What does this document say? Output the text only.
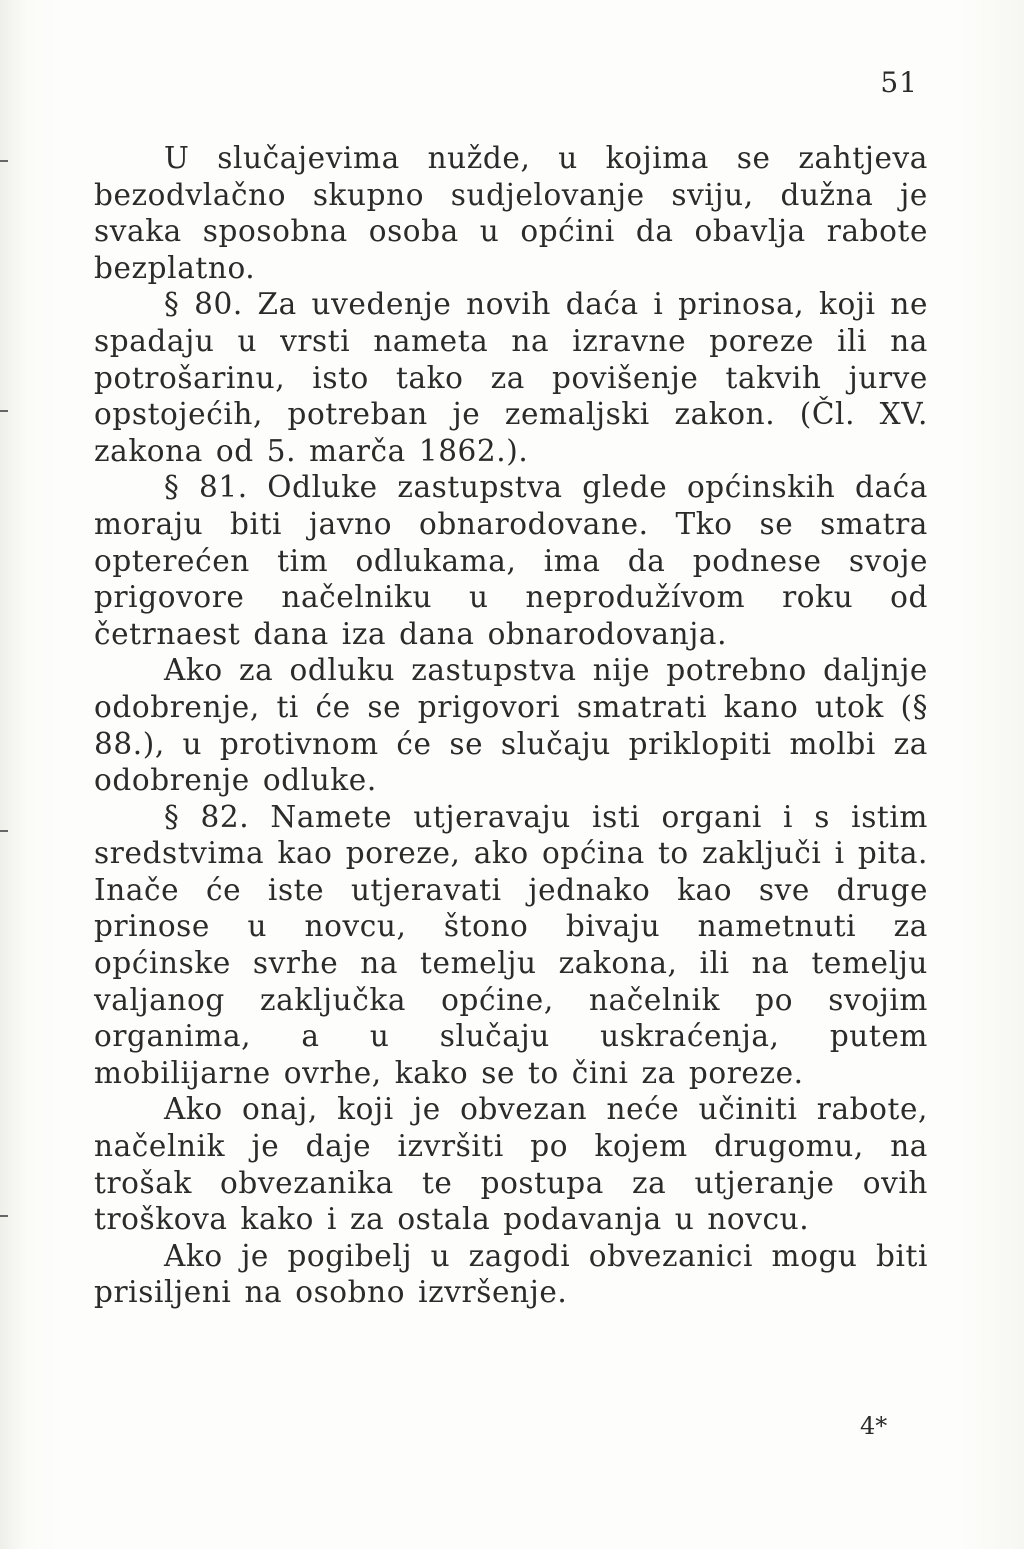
51

U slučajevima nužde, u kojima se zahtjeva bezodvlačno skupno sudjelovanje sviju, dužna je svaka sposobna osoba u općini da obavlja rabote bezplatno.

§ 80. Za uvedenje novih daća i prinosa, koji ne spadaju u vrsti nameta na izravne poreze ili na potrošarinu, isto tako za povišenje takvih jurve opstojećih, potreban je zemaljski zakon. (Čl. XV. zakona od 5. marča 1862.).

§ 81. Odluke zastupstva glede općinskih daća moraju biti javno obnarodovane. Tko se smatra opterećen tim odlukama, ima da podnese svoje prigovore načelniku u neprodužívom roku od četrnaest dana iza dana obnarodovanja.

Ako za odluku zastupstva nije potrebno daljnje odobrenje, ti će se prigovori smatrati kano utok (§ 88.), u protivnom će se slučaju priklopiti molbi za odobrenje odluke.

§ 82. Namete utjeravaju isti organi i s istim sredstvima kao poreze, ako općina to zaključi i pita. Inače će iste utjeravati jednako kao sve druge prinose u novcu, štono bivaju nametnuti za općinske svrhe na temelju zakona, ili na temelju valjanog zaključka općine, načelnik po svojim organima, a u slučaju uskraćenja, putem mobilijarne ovrhe, kako se to čini za poreze.

Ako onaj, koji je obvezan neće učiniti rabote, načelnik je daje izvršiti po kojem drugomu, na trošak obvezanika te postupa za utjeranje ovih troškova kako i za ostala podavanja u novcu.

Ako je pogibelj u zagodi obvezanici mogu biti prisiljeni na osobno izvršenje.

4*
